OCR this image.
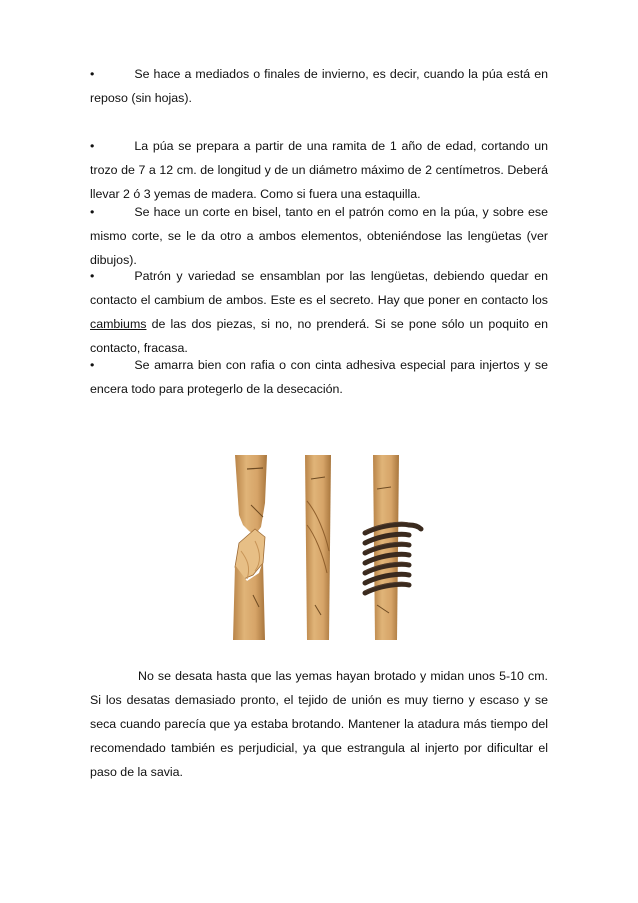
•	Se hace a mediados o finales de invierno, es decir, cuando la púa está en reposo (sin hojas).

•	La púa se prepara a partir de una ramita de 1 año de edad, cortando un trozo de 7 a 12 cm. de longitud y de un diámetro máximo de 2 centímetros. Deberá llevar 2 ó 3 yemas de madera. Como si fuera una estaquilla.

•	Se hace un corte en bisel, tanto en el patrón como en la púa, y sobre ese mismo corte, se le da otro a ambos elementos, obteniéndose las lengüetas (ver dibujos).

•	Patrón y variedad se ensamblan por las lengüetas, debiendo quedar en contacto el cambium de ambos. Este es el secreto. Hay que poner en contacto los cambiums de las dos piezas, si no, no prenderá. Si se pone sólo un poquito en contacto, fracasa.

•	Se amarra bien con rafia o con cinta adhesiva especial para injertos y se encera todo para protegerlo de la desecación.

No se desata hasta que las yemas hayan brotado y midan unos 5-10 cm. Si los desatas demasiado pronto, el tejido de unión es muy tierno y escaso y se seca cuando parecía que ya estaba brotando. Mantener la atadura más tiempo del recomendado también es perjudicial, ya que estrangula al injerto por dificultar el paso de la savia.
